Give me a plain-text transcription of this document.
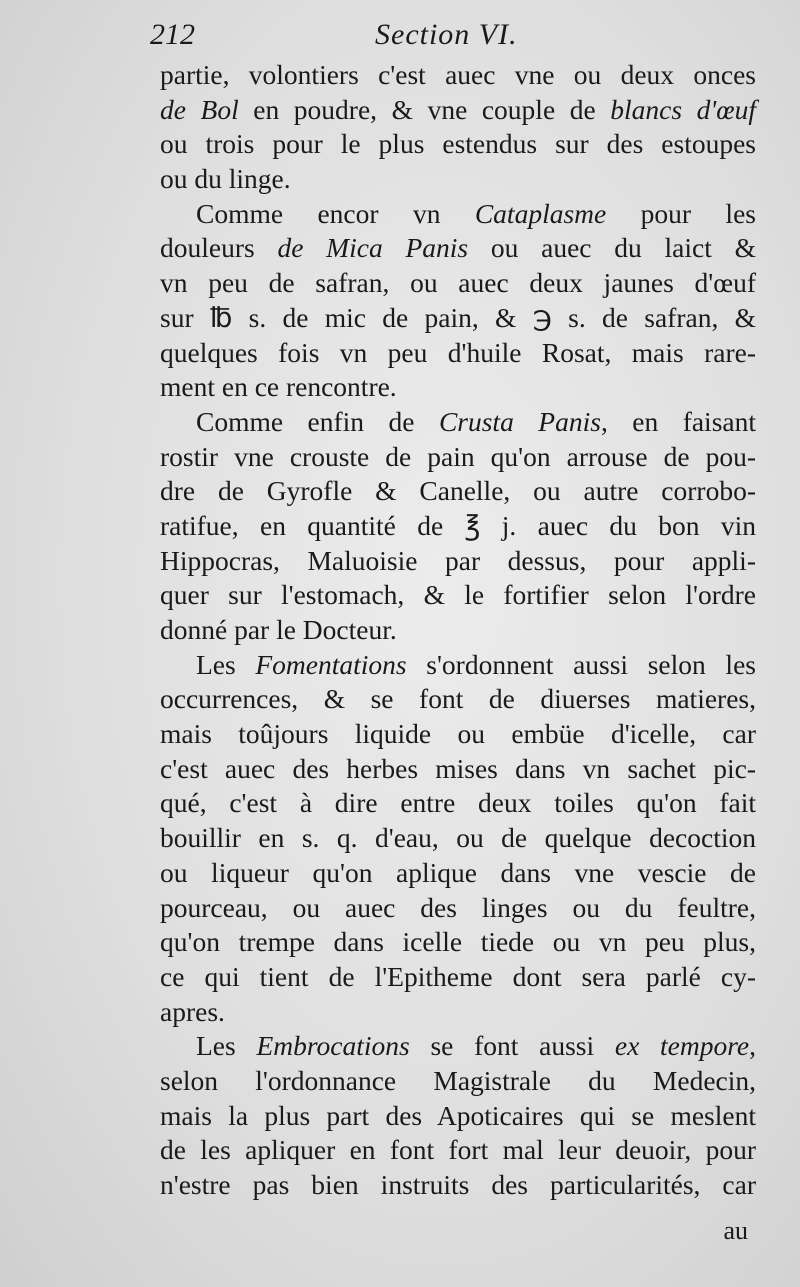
212	Section VI.
partie, volontiers c'est auec vne ou deux onces
de Bol en poudre, & vne couple de blancs d'œuf
ou trois pour le plus estendus sur des estoupes
ou du linge.
Comme encor vn Cataplasme pour les
douleurs de Mica Panis ou auec du laict &
vn peu de safran, ou auec deux jaunes d'œuf
sur ℔ s. de mic de pain, & ℈ s. de safran, &
quelques fois vn peu d'huile Rosat, mais rare-
ment en ce rencontre.
Comme enfin de Crusta Panis, en faisant
rostir vne crouste de pain qu'on arrouse de pou-
dre de Gyrofle & Canelle, ou autre corrobo-
ratifue, en quantité de ℥ j. auec du bon vin
Hippocras, Maluoisie par dessus, pour appli-
quer sur l'estomach, & le fortifier selon l'ordre
donné par le Docteur.
Les Fomentations s'ordonnent aussi selon les
occurrences, & se font de diuerses matieres,
mais toûjours liquide ou embüe d'icelle, car
c'est auec des herbes mises dans vn sachet pic-
qué, c'est à dire entre deux toiles qu'on fait
bouillir en s. q. d'eau, ou de quelque decoction
ou liqueur qu'on aplique dans vne vescie de
pourceau, ou auec des linges ou du feultre,
qu'on trempe dans icelle tiede ou vn peu plus,
ce qui tient de l'Epitheme dont sera parlé cy-
apres.
Les Embrocations se font aussi ex tempore,
selon l'ordonnance Magistrale du Medecin,
mais la plus part des Apoticaires qui se meslent
de les apliquer en font fort mal leur deuoir, pour
n'estre pas bien instruits des particularités, car
au
